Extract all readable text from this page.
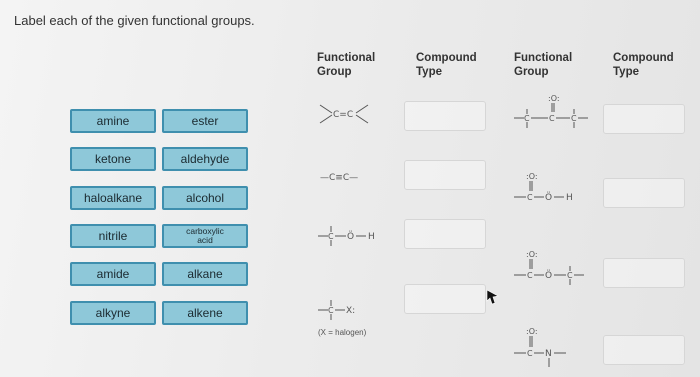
Label each of the given functional groups.
amine	ester
ketone	aldehyde
haloalkane	alcohol
nitrile	carboxylic
acid
amide	alkane
alkyne	alkene
Functional
Group
Compound
Type
Functional
Group
Compound
Type
C=C
—C≡C—
C Ö H
C X:
(X = halogen)
:O:
C C C
:O:
C Ö H
:O:
C Ö C
:O:
C N
